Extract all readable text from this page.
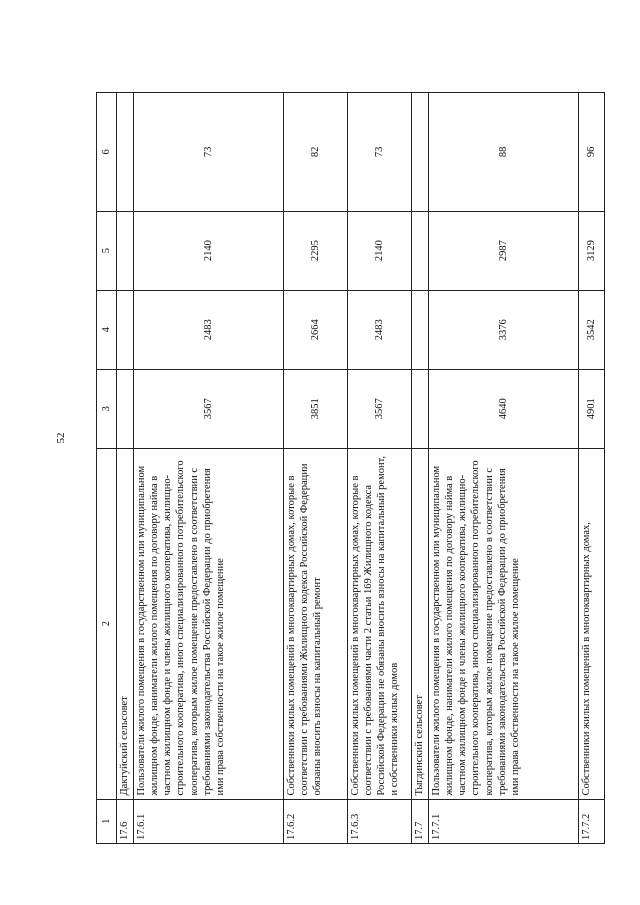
52
1	2	3	4	5	6
17.6	Дактуйский сельсовет				
17.6.1	Пользователи жилого помещения в государственном или муниципальном жилищном фонде, наниматели жилого помещения по договору найма в частном жилищном фонде и члены жилищного кооператива, жилищно-строительного кооператива, иного специализированного потребительского кооператива, которым жилое помещение предоставлено в соответствии с требованиями законодательства Российской Федерации до приобретения ими права собственности на такое жилое помещение	3567	2483	2140	73
17.6.2	Собственники жилых помещений в многоквартирных домах, которые в соответствии с требованиями Жилищного кодекса Российской Федерации обязаны вносить взносы на капитальный ремонт	3851	2664	2295	82
17.6.3	Собственники жилых помещений в многоквартирных домах, которые в соответствии с требованиями части 2 статьи 169 Жилищного кодекса Российской Федерации не обязаны вносить взносы на капитальный ремонт, и собственники жилых домов	3567	2483	2140	73
17.7	Тыгдинский сельсовет				
17.7.1	Пользователи жилого помещения в государственном или муниципальном жилищном фонде, наниматели жилого помещения по договору найма в частном жилищном фонде и члены жилищного кооператива, жилищно-строительного кооператива, иного специализированного потребительского кооператива, которым жилое помещение предоставлено в соответствии с требованиями законодательства Российской Федерации до приобретения ими права собственности на такое жилое помещение	4640	3376	2987	88
17.7.2	Собственники жилых помещений в многоквартирных домах,	4901	3542	3129	96
